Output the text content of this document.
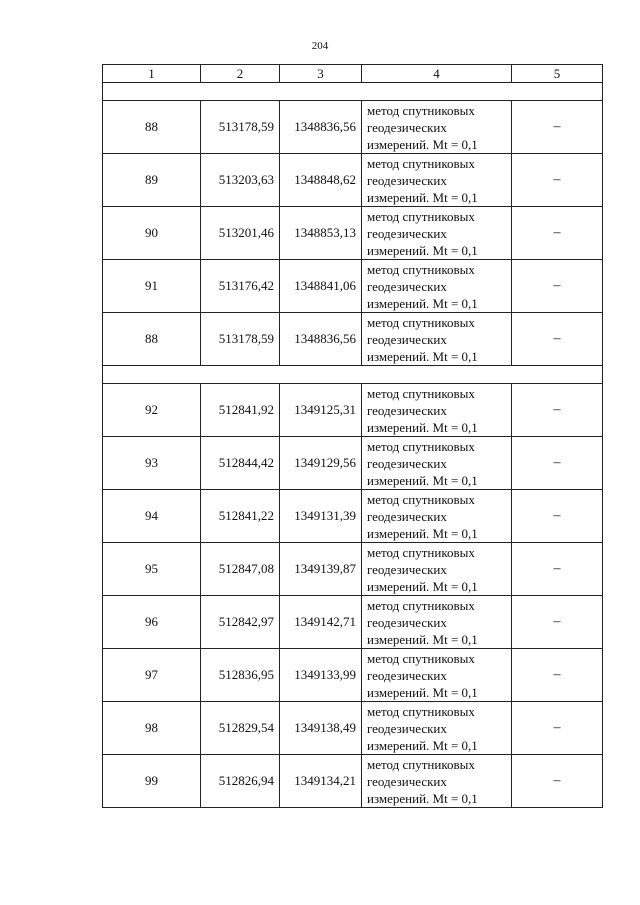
204
1	2	3	4	5

88	513178,59	1348836,56	метод спутниковых
геодезических
измерений. Mt = 0,1	–
89	513203,63	1348848,62	метод спутниковых
геодезических
измерений. Mt = 0,1	–
90	513201,46	1348853,13	метод спутниковых
геодезических
измерений. Mt = 0,1	–
91	513176,42	1348841,06	метод спутниковых
геодезических
измерений. Mt = 0,1	–
88	513178,59	1348836,56	метод спутниковых
геодезических
измерений. Mt = 0,1	–

92	512841,92	1349125,31	метод спутниковых
геодезических
измерений. Mt = 0,1	–
93	512844,42	1349129,56	метод спутниковых
геодезических
измерений. Mt = 0,1	–
94	512841,22	1349131,39	метод спутниковых
геодезических
измерений. Mt = 0,1	–
95	512847,08	1349139,87	метод спутниковых
геодезических
измерений. Mt = 0,1	–
96	512842,97	1349142,71	метод спутниковых
геодезических
измерений. Mt = 0,1	–
97	512836,95	1349133,99	метод спутниковых
геодезических
измерений. Mt = 0,1	–
98	512829,54	1349138,49	метод спутниковых
геодезических
измерений. Mt = 0,1	–
99	512826,94	1349134,21	метод спутниковых
геодезических
измерений. Mt = 0,1	–
